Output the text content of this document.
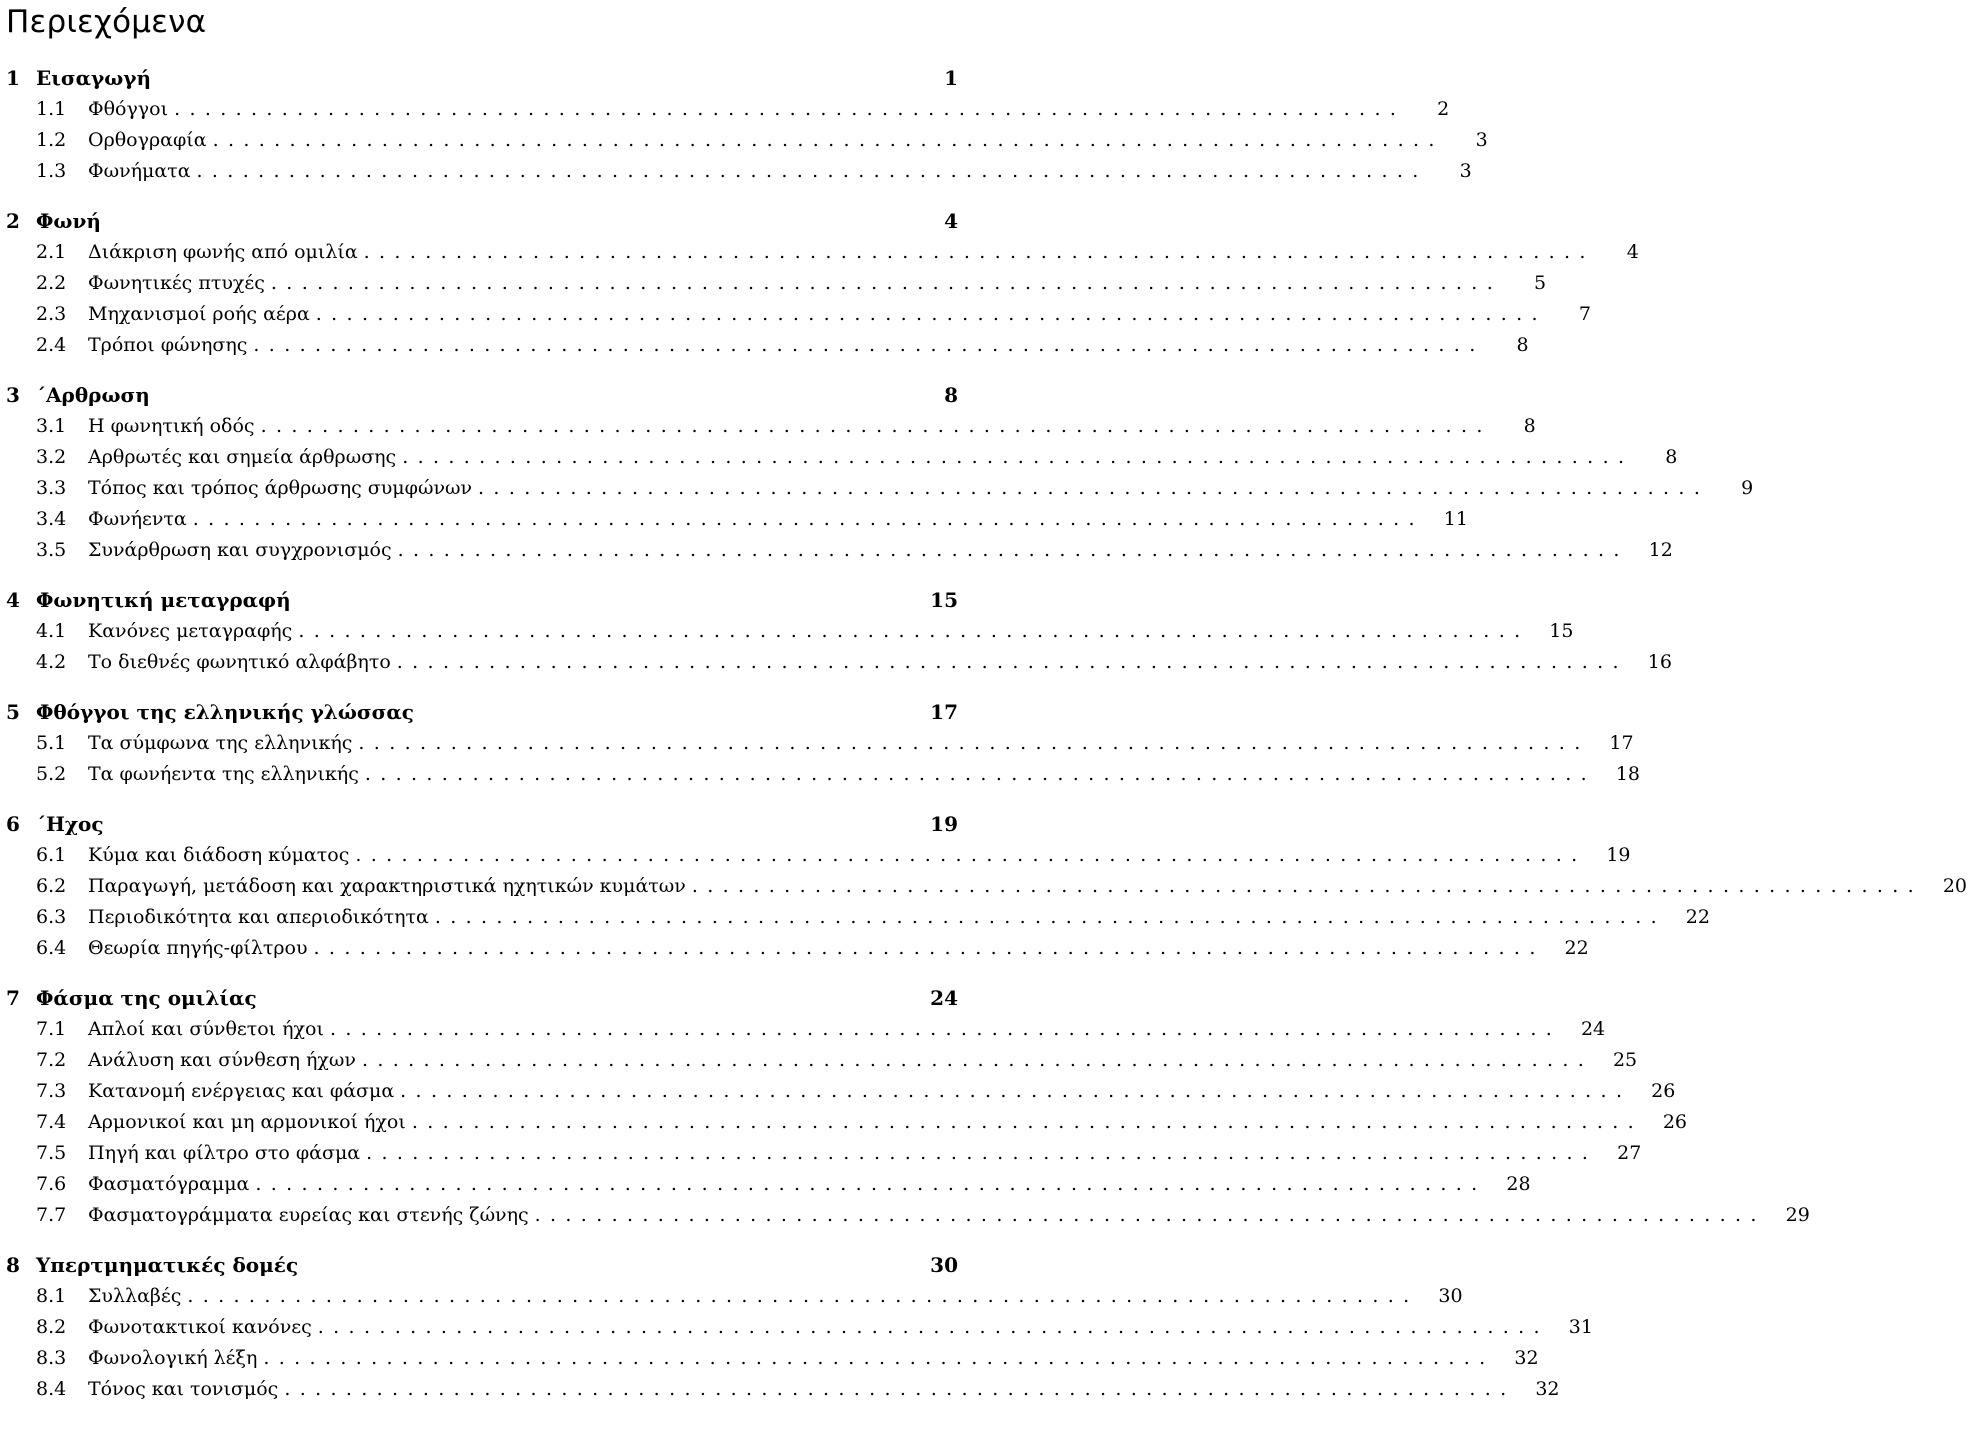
Περιεχόμενα
1 Εισαγωγή	1
1.1	Φθόγγοι ................................................................................	2
1.2	Ορθογραφία ................................................................................	3
1.3	Φωνήματα ................................................................................	3
2 Φωνή	4
2.1	Διάκριση φωνής από ομιλία ................................................................................	4
2.2	Φωνητικές πτυχές ................................................................................	5
2.3	Μηχανισμοί ροής αέρα ................................................................................	7
2.4	Τρόποι φώνησης ................................................................................	8
3 ΄Αρθρωση	8
3.1	Η φωνητική οδός ................................................................................	8
3.2	Αρθρωτές και σημεία άρθρωσης ................................................................................	8
3.3	Τόπος και τρόπος άρθρωσης συμφώνων ................................................................................	9
3.4	Φωνήεντα ................................................................................	11
3.5	Συνάρθρωση και συγχρονισμός ................................................................................	12
4 Φωνητική μεταγραφή	15
4.1	Κανόνες μεταγραφής ................................................................................	15
4.2	Το διεθνές φωνητικό αλφάβητο ................................................................................	16
5 Φθόγγοι της ελληνικής γλώσσας	17
5.1	Τα σύμφωνα της ελληνικής ................................................................................	17
5.2	Τα φωνήεντα της ελληνικής ................................................................................	18
6 ΄Ηχος	19
6.1	Κύμα και διάδοση κύματος ................................................................................	19
6.2	Παραγωγή, μετάδοση και χαρακτηριστικά ηχητικών κυμάτων ................................................................................	20
6.3	Περιοδικότητα και απεριοδικότητα ................................................................................	22
6.4	Θεωρία πηγής-φίλτρου ................................................................................	22
7 Φάσμα της ομιλίας	24
7.1	Απλοί και σύνθετοι ήχοι ................................................................................	24
7.2	Ανάλυση και σύνθεση ήχων ................................................................................	25
7.3	Κατανομή ενέργειας και φάσμα ................................................................................	26
7.4	Αρμονικοί και μη αρμονικοί ήχοι ................................................................................	26
7.5	Πηγή και φίλτρο στο φάσμα ................................................................................	27
7.6	Φασματόγραμμα ................................................................................	28
7.7	Φασματογράμματα ευρείας και στενής ζώνης ................................................................................	29
8 Υπερτμηματικές δομές	30
8.1	Συλλαβές ................................................................................	30
8.2	Φωνοτακτικοί κανόνες ................................................................................	31
8.3	Φωνολογική λέξη ................................................................................	32
8.4	Τόνος και τονισμός ................................................................................	32
